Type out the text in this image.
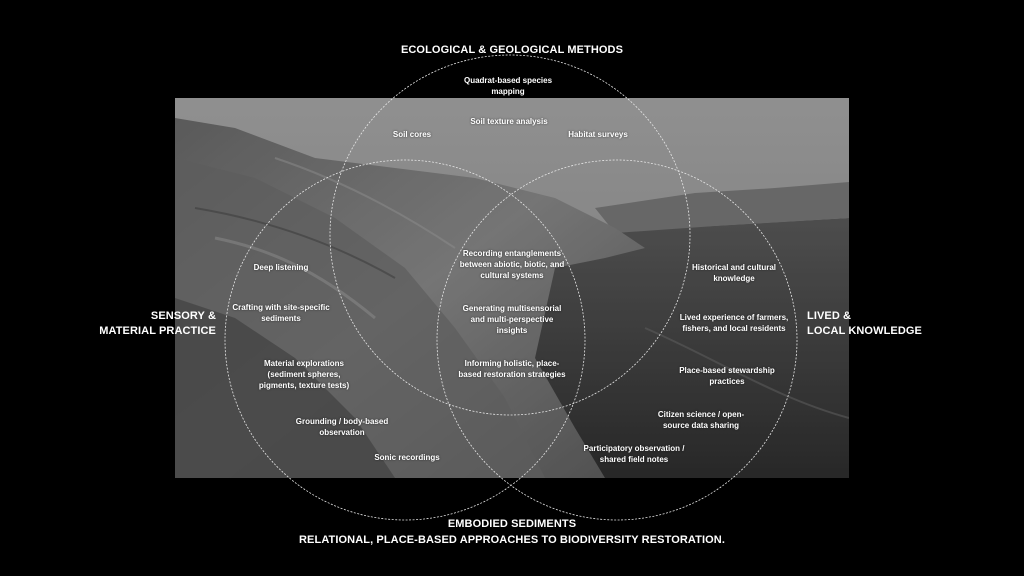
ECOLOGICAL & GEOLOGICAL METHODS
SENSORY &
MATERIAL PRACTICE
LIVED &
LOCAL KNOWLEDGE
EMBODIED SEDIMENTS
RELATIONAL, PLACE-BASED APPROACHES TO BIODIVERSITY RESTORATION.
Quadrat-based species
mapping
Soil texture analysis
Soil cores	Habitat surveys
Deep listening
Crafting with site-specific
sediments
Material explorations
(sediment spheres,
pigments, texture tests)
Grounding / body-based
observation
Sonic recordings
Recording entanglements
between abiotic, biotic, and
cultural systems
Generating multisensorial
and multi-perspective
insights
Informing holistic, place-
based restoration strategies
Historical and cultural
knowledge
Lived experience of farmers,
fishers, and local residents
Place-based stewardship
practices
Citizen science / open-
source data sharing
Participatory observation /
shared field notes
